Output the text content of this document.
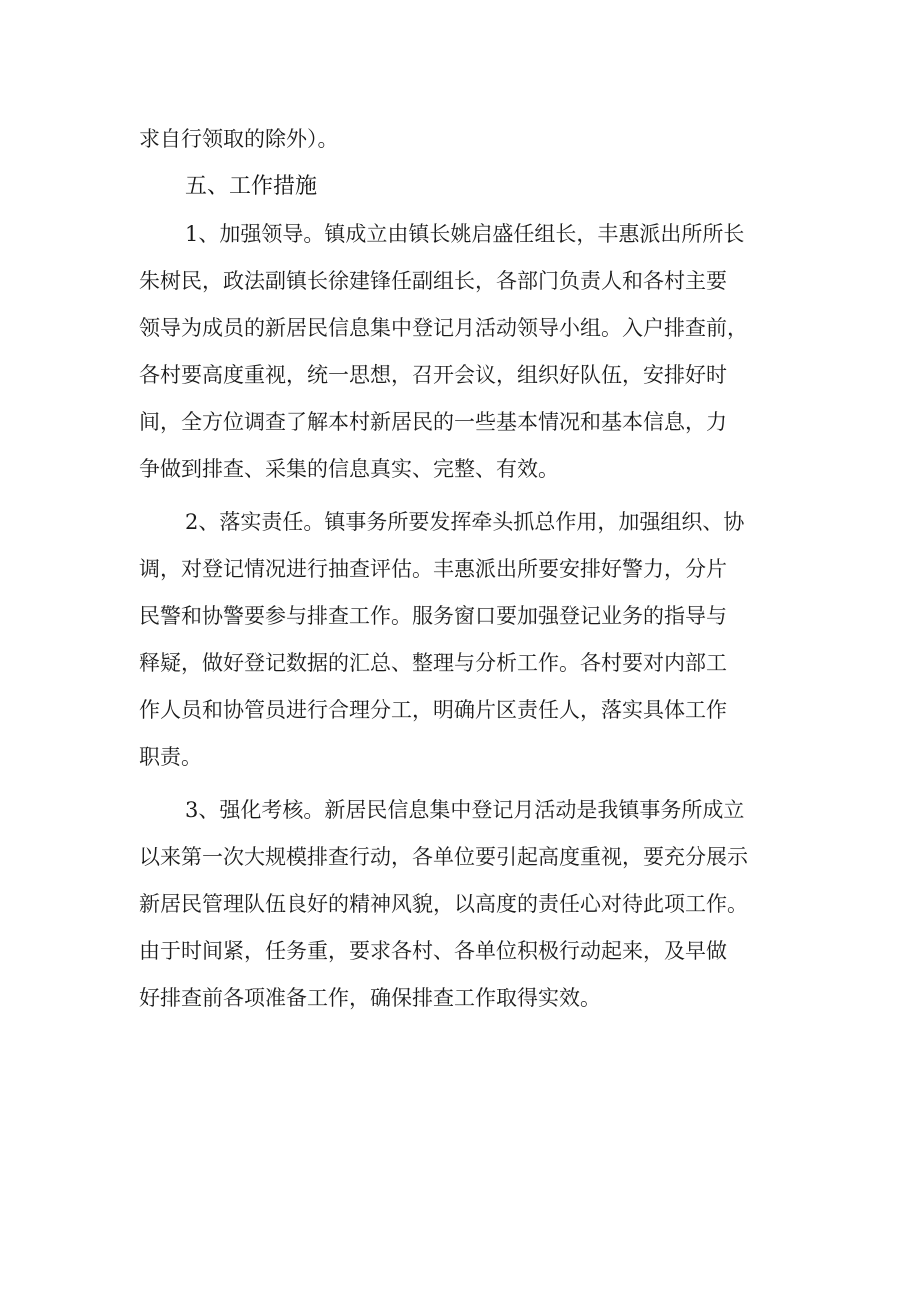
求自行领取的除外）。

五、工作措施

1、加强领导。镇成立由镇长姚启盛任组长，丰惠派出所所长

朱树民，政法副镇长徐建锋任副组长，各部门负责人和各村主要

领导为成员的新居民信息集中登记月活动领导小组。入户排查前，

各村要高度重视，统一思想，召开会议，组织好队伍，安排好时

间，全方位调查了解本村新居民的一些基本情况和基本信息，力

争做到排查、采集的信息真实、完整、有效。

2、落实责任。镇事务所要发挥牵头抓总作用，加强组织、协

调，对登记情况进行抽查评估。丰惠派出所要安排好警力，分片

民警和协警要参与排查工作。服务窗口要加强登记业务的指导与

释疑，做好登记数据的汇总、整理与分析工作。各村要对内部工

作人员和协管员进行合理分工，明确片区责任人，落实具体工作

职责。

3、强化考核。新居民信息集中登记月活动是我镇事务所成立

以来第一次大规模排查行动，各单位要引起高度重视，要充分展示

新居民管理队伍良好的精神风貌，以高度的责任心对待此项工作。

由于时间紧，任务重，要求各村、各单位积极行动起来，及早做

好排查前各项准备工作，确保排查工作取得实效。
